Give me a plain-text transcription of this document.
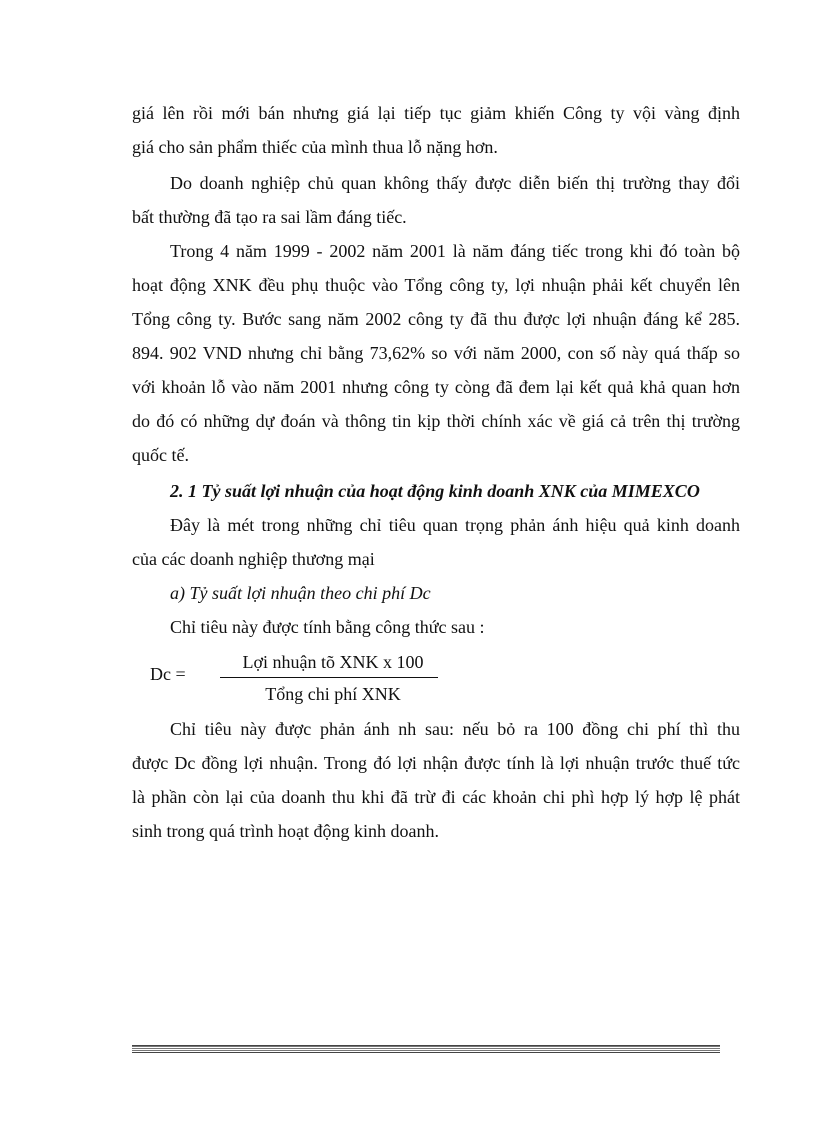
giá lên rồi mới bán nhưng giá lại tiếp tục giảm khiến Công ty vội vàng định
giá cho sản phẩm thiếc của mình thua lỗ nặng hơn.
Do doanh nghiệp chủ quan không thấy được diễn biến thị trường thay đổi
bất thường đã tạo ra sai lầm đáng tiếc.
Trong 4 năm 1999 - 2002 năm 2001 là năm đáng tiếc trong khi đó toàn bộ
hoạt động XNK đều phụ thuộc vào Tổng công ty, lợi nhuận phải kết chuyển lên
Tổng công ty. Bước sang năm 2002 công ty đã thu được lợi nhuận đáng kể 285.
894. 902 VND nhưng chỉ bằng 73,62% so với năm 2000, con số này quá thấp so
với khoản lỗ vào năm 2001 nhưng công ty còng đã đem lại kết quả khả quan hơn
do đó có những dự đoán và thông tin kịp thời chính xác về giá cả trên thị trường
quốc tế.
2. 1 Tỷ suất lợi nhuận của hoạt động kinh doanh XNK của MIMEXCO
Đây là mét trong những chỉ tiêu quan trọng phản ánh hiệu quả kinh doanh
của các doanh nghiệp thương mại
a) Tỷ suất lợi nhuận theo chi phí Dc
Chỉ tiêu này được tính bằng công thức sau :
Dc =
Lợi nhuận tõ XNK x 100
Tổng chi phí XNK
Chỉ tiêu này được phản ánh nh sau: nếu bỏ ra 100 đồng chi phí thì thu
được Dc đồng lợi nhuận. Trong đó lợi nhận được tính là lợi nhuận trước thuế tức
là phần còn lại của doanh thu khi đã trừ đi các khoản chi phì hợp lý hợp lệ phát
sinh trong quá trình hoạt động kinh doanh.
